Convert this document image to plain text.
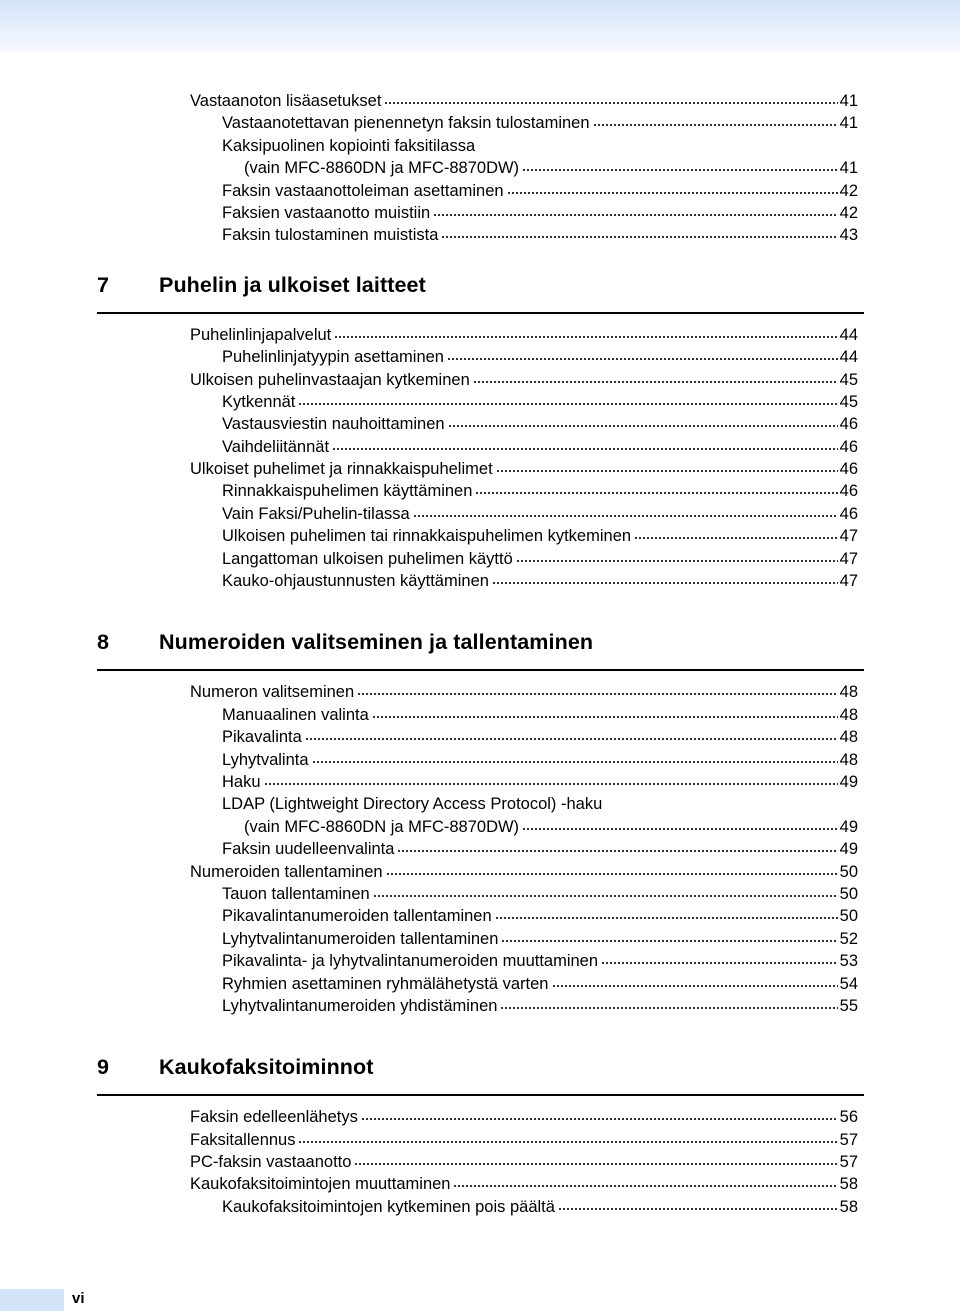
Vastaanoton lisäasetukset	41
Vastaanotettavan pienennetyn faksin tulostaminen	41
Kaksipuolinen kopiointi faksitilassa
(vain MFC-8860DN ja MFC-8870DW)	41
Faksin vastaanottoleiman asettaminen	42
Faksien vastaanotto muistiin	42
Faksin tulostaminen muistista	43
7 Puhelin ja ulkoiset laitteet
Puhelinlinjapalvelut	44
Puhelinlinjatyypin asettaminen	44
Ulkoisen puhelinvastaajan kytkeminen	45
Kytkennät	45
Vastausviestin nauhoittaminen	46
Vaihdeliitännät	46
Ulkoiset puhelimet ja rinnakkaispuhelimet	46
Rinnakkaispuhelimen käyttäminen	46
Vain Faksi/Puhelin-tilassa	46
Ulkoisen puhelimen tai rinnakkaispuhelimen kytkeminen	47
Langattoman ulkoisen puhelimen käyttö	47
Kauko-ohjaustunnusten käyttäminen	47
8 Numeroiden valitseminen ja tallentaminen
Numeron valitseminen	48
Manuaalinen valinta	48
Pikavalinta	48
Lyhytvalinta	48
Haku	49
LDAP (Lightweight Directory Access Protocol) -haku
(vain MFC-8860DN ja MFC-8870DW)	49
Faksin uudelleenvalinta	49
Numeroiden tallentaminen	50
Tauon tallentaminen	50
Pikavalintanumeroiden tallentaminen	50
Lyhytvalintanumeroiden tallentaminen	52
Pikavalinta- ja lyhytvalintanumeroiden muuttaminen	53
Ryhmien asettaminen ryhmälähetystä varten	54
Lyhytvalintanumeroiden yhdistäminen	55
9 Kaukofaksitoiminnot
Faksin edelleenlähetys	56
Faksitallennus	57
PC-faksin vastaanotto	57
Kaukofaksitoimintojen muuttaminen	58
Kaukofaksitoimintojen kytkeminen pois päältä	58
vi
